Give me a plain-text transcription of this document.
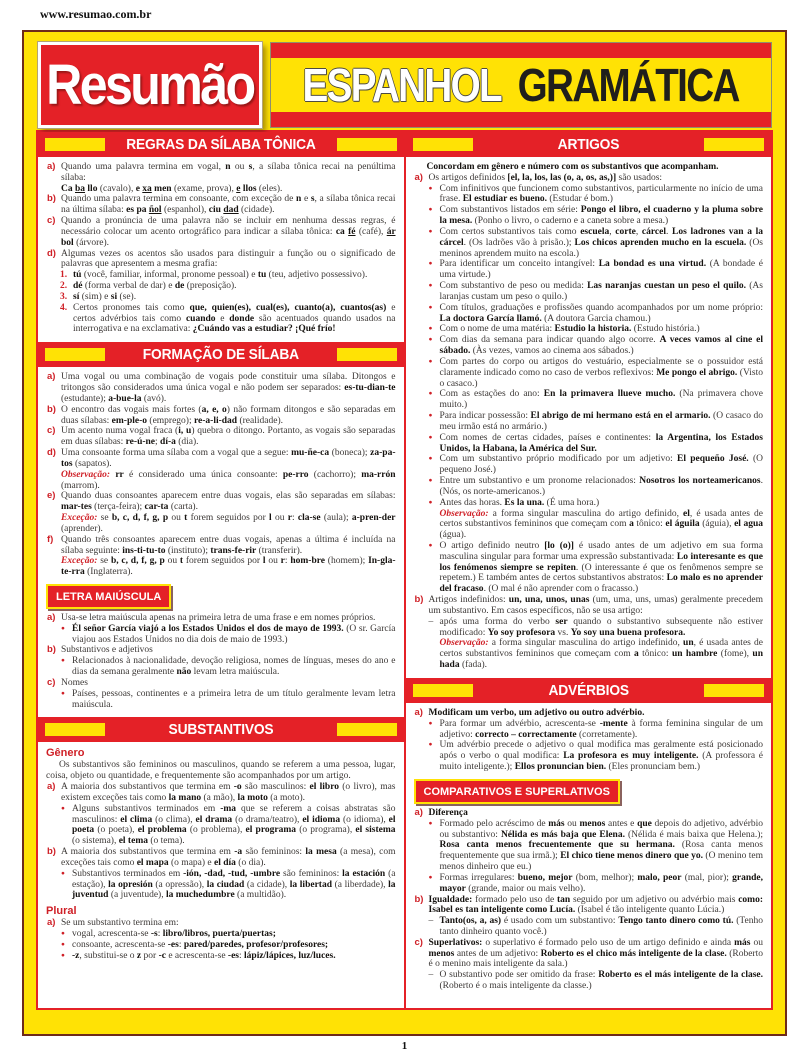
www.resumao.com.br
Resumão ESPANHOL GRAMÁTICA
REGRAS DA SÍLABA TÔNICA
a) Quando uma palavra termina em vogal, n ou s, a sílaba tônica recai na penúltima sílaba:
Ca ba llo (cavalo), e xa men (exame, prova), e llos (eles).
b) Quando uma palavra termina em consoante, com exceção de n e s, a sílaba tônica recai na última sílaba: es pa ñol (espanhol), ciu dad (cidade).
c) Quando a pronúncia de uma palavra não se incluir em nenhuma dessas regras, é necessário colocar um acento ortográfico para indicar a sílaba tônica: ca fé (café), ár bol (árvore).
d) Algumas vezes os acentos são usados para distinguir a função ou o significado de palavras que apresentem a mesma grafia:
1. tú (você, familiar, informal, pronome pessoal) e tu (teu, adjetivo possessivo).
2. dé (forma verbal de dar) e de (preposição).
3. sí (sim) e si (se).
4. Certos pronomes tais como que, quien(es), cual(es), cuanto(a), cuantos(as) e certos advérbios tais como cuando e donde são acentuados quando usados na interrogativa e na exclamativa: ¿Cuándo vas a estudiar? ¡Qué frío!
FORMAÇÃO DE SÍLABA
a) Uma vogal ou uma combinação de vogais pode constituir uma sílaba. Ditongos e tritongos são considerados uma única vogal e não podem ser separados: es-tu-dian-te (estudante); a-bue-la (avó).
b) O encontro das vogais mais fortes (a, e, o) não formam ditongos e são separadas em duas sílabas: em-ple-o (emprego); re-a-li-dad (realidade).
c) Um acento numa vogal fraca (i, u) quebra o ditongo. Portanto, as vogais são separadas em duas sílabas: re-ú-ne; dí-a (dia).
d) Uma consoante forma uma sílaba com a vogal que a segue: mu-ñe-ca (boneca); za-pa-tos (sapatos).
Observação: rr é considerado uma única consoante: pe-rro (cachorro); ma-rrón (marrom).
e) Quando duas consoantes aparecem entre duas vogais, elas são separadas em sílabas: mar-tes (terça-feira); car-ta (carta).
Exceção: se b, c, d, f, g, p ou t forem seguidos por l ou r: cla-se (aula); a-pren-der (aprender).
f) Quando três consoantes aparecem entre duas vogais, apenas a última é incluída na sílaba seguinte: ins-ti-tu-to (instituto); trans-fe-rir (transferir).
Exceção: se b, c, d, f, g, p ou t forem seguidos por l ou r: hom-bre (homem); In-gla-te-rra (Inglaterra).
LETRA MAIÚSCULA
a) Usa-se letra maiúscula apenas na primeira letra de uma frase e em nomes próprios.
● Él señor García viajó a los Estados Unidos el dos de mayo de 1993. (O sr. García viajou aos Estados Unidos no dia dois de maio de 1993.)
b) Substantivos e adjetivos
● Relacionados à nacionalidade, devoção religiosa, nomes de línguas, meses do ano e dias da semana geralmente não levam letra maiúscula.
c) Nomes
● Países, pessoas, continentes e a primeira letra de um título geralmente levam letra maiúscula.
SUBSTANTIVOS
Gênero
Os substantivos são femininos ou masculinos, quando se referem a uma pessoa, lugar, coisa, objeto ou quantidade, e frequentemente são acompanhados por um artigo.
a) A maioria dos substantivos que termina em -o são masculinos: el libro (o livro), mas existem exceções tais como la mano (a mão), la moto (a moto).
● Alguns substantivos terminados em -ma que se referem a coisas abstratas são masculinos: el clima (o clima), el drama (o drama/teatro), el idioma (o idioma), el poeta (o poeta), el problema (o problema), el programa (o programa), el sistema (o sistema), el tema (o tema).
b) A maioria dos substantivos que termina em -a são femininos: la mesa (a mesa), com exceções tais como el mapa (o mapa) e el día (o dia).
● Substantivos terminados em -ión, -dad, -tud, -umbre são femininos: la estación (a estação), la opresión (a opressão), la ciudad (a cidade), la libertad (a liberdade), la juventud (a juventude), la muchedumbre (a multidão).
Plural
a) Se um substantivo termina em:
● vogal, acrescenta-se -s: libro/libros, puerta/puertas;
● consoante, acrescenta-se -es: pared/paredes, profesor/profesores;
● -z, substitui-se o z por -c e acrescenta-se -es: lápiz/lápices, luz/luces.
ARTIGOS
Concordam em gênero e número com os substantivos que acompanham.
a) Os artigos definidos [el, la, los, las (o, a, os, as,)] são usados:
● Com infinitivos que funcionem como substantivos, particularmente no início de uma frase. El estudiar es bueno. (Estudar é bom.)
● Com substantivos listados em série: Pongo el libro, el cuaderno y la pluma sobre la mesa. (Ponho o livro, o caderno e a caneta sobre a mesa.)
● Com certos substantivos tais como escuela, corte, cárcel. Los ladrones van a la cárcel. (Os ladrões vão à prisão.); Los chicos aprenden mucho en la escuela. (Os meninos aprendem muito na escola.)
● Para identificar um conceito intangível: La bondad es una virtud. (A bondade é uma virtude.)
● Com substantivo de peso ou medida: Las naranjas cuestan un peso el quilo. (As laranjas custam um peso o quilo.)
● Com títulos, graduações e profissões quando acompanhados por um nome próprio: La doctora García llamó. (A doutora Garcia chamou.)
● Com o nome de uma matéria: Estudio la historia. (Estudo história.)
● Com dias da semana para indicar quando algo ocorre. A veces vamos al cine el sábado. (Às vezes, vamos ao cinema aos sábados.)
● Com partes do corpo ou artigos do vestuário, especialmente se o possuidor está claramente indicado como no caso de verbos reflexivos: Me pongo el abrigo. (Visto o casaco.)
● Com as estações do ano: En la primavera llueve mucho. (Na primavera chove muito.)
● Para indicar possessão: El abrigo de mi hermano está en el armario. (O casaco do meu irmão está no armário.)
● Com nomes de certas cidades, países e continentes: la Argentina, los Estados Unidos, la Habana, la América del Sur.
● Com um substantivo próprio modificado por um adjetivo: El pequeño José. (O pequeno José.)
● Entre um substantivo e um pronome relacionados: Nosotros los norteamericanos. (Nós, os norte-americanos.)
● Antes das horas. Es la una. (É uma hora.)
Observação: a forma singular masculina do artigo definido, el, é usada antes de certos substantivos femininos que começam com a tônico: el águila (águia), el agua (água).
● O artigo definido neutro [lo (o)] é usado antes de um adjetivo em sua forma masculina singular para formar uma expressão substantivada: Lo interesante es que los fenómenos siempre se repiten. (O interessante é que os fenômenos sempre se repetem.) E também antes de certos substantivos abstratos: Lo malo es no aprender del fracaso. (O mal é não aprender com o fracasso.)
b) Artigos indefinidos: un, una, unos, unas (um, uma, uns, umas) geralmente precedem um substantivo. Em casos específicos, não se usa artigo:
– após uma forma do verbo ser quando o substantivo subsequente não estiver modificado: Yo soy profesora vs. Yo soy una buena profesora.
Observação: a forma singular masculina do artigo indefinido, un, é usada antes de certos substantivos femininos que começam com a tônico: un hambre (fome), un hada (fada).
ADVÉRBIOS
a) Modificam um verbo, um adjetivo ou outro advérbio.
● Para formar um advérbio, acrescenta-se -mente à forma feminina singular de um adjetivo: correcto – correctamente (corretamente).
● Um advérbio precede o adjetivo o qual modifica mas geralmente está posicionado após o verbo o qual modifica: La profesora es muy inteligente. (A professora é muito inteligente.); Ellos pronuncian bien. (Eles pronunciam bem.)
COMPARATIVOS E SUPERLATIVOS
a) Diferença
● Formado pelo acréscimo de más ou menos antes e que depois do adjetivo, advérbio ou substantivo: Nélida es más baja que Elena. (Nélida é mais baixa que Helena.); Rosa canta menos frecuentemente que su hermana. (Rosa canta menos frequentemente que sua irmã.); El chico tiene menos dinero que yo. (O menino tem menos dinheiro que eu.)
● Formas irregulares: bueno, mejor (bom, melhor); malo, peor (mal, pior); grande, mayor (grande, maior ou mais velho).
b) Igualdade: formado pelo uso de tan seguido por um adjetivo ou advérbio mais como: Isabel es tan inteligente como Lucía. (Isabel é tão inteligente quanto Lúcia.)
– Tanto(os, a, as) é usado com um substantivo: Tengo tanto dinero como tú. (Tenho tanto dinheiro quanto você.)
c) Superlativos: o superlativo é formado pelo uso de um artigo definido e ainda más ou menos antes de um adjetivo: Roberto es el chico más inteligente de la clase. (Roberto é o menino mais inteligente da sala.)
– O substantivo pode ser omitido da frase: Roberto es el más inteligente de la clase. (Roberto é o mais inteligente da classe.)
1
